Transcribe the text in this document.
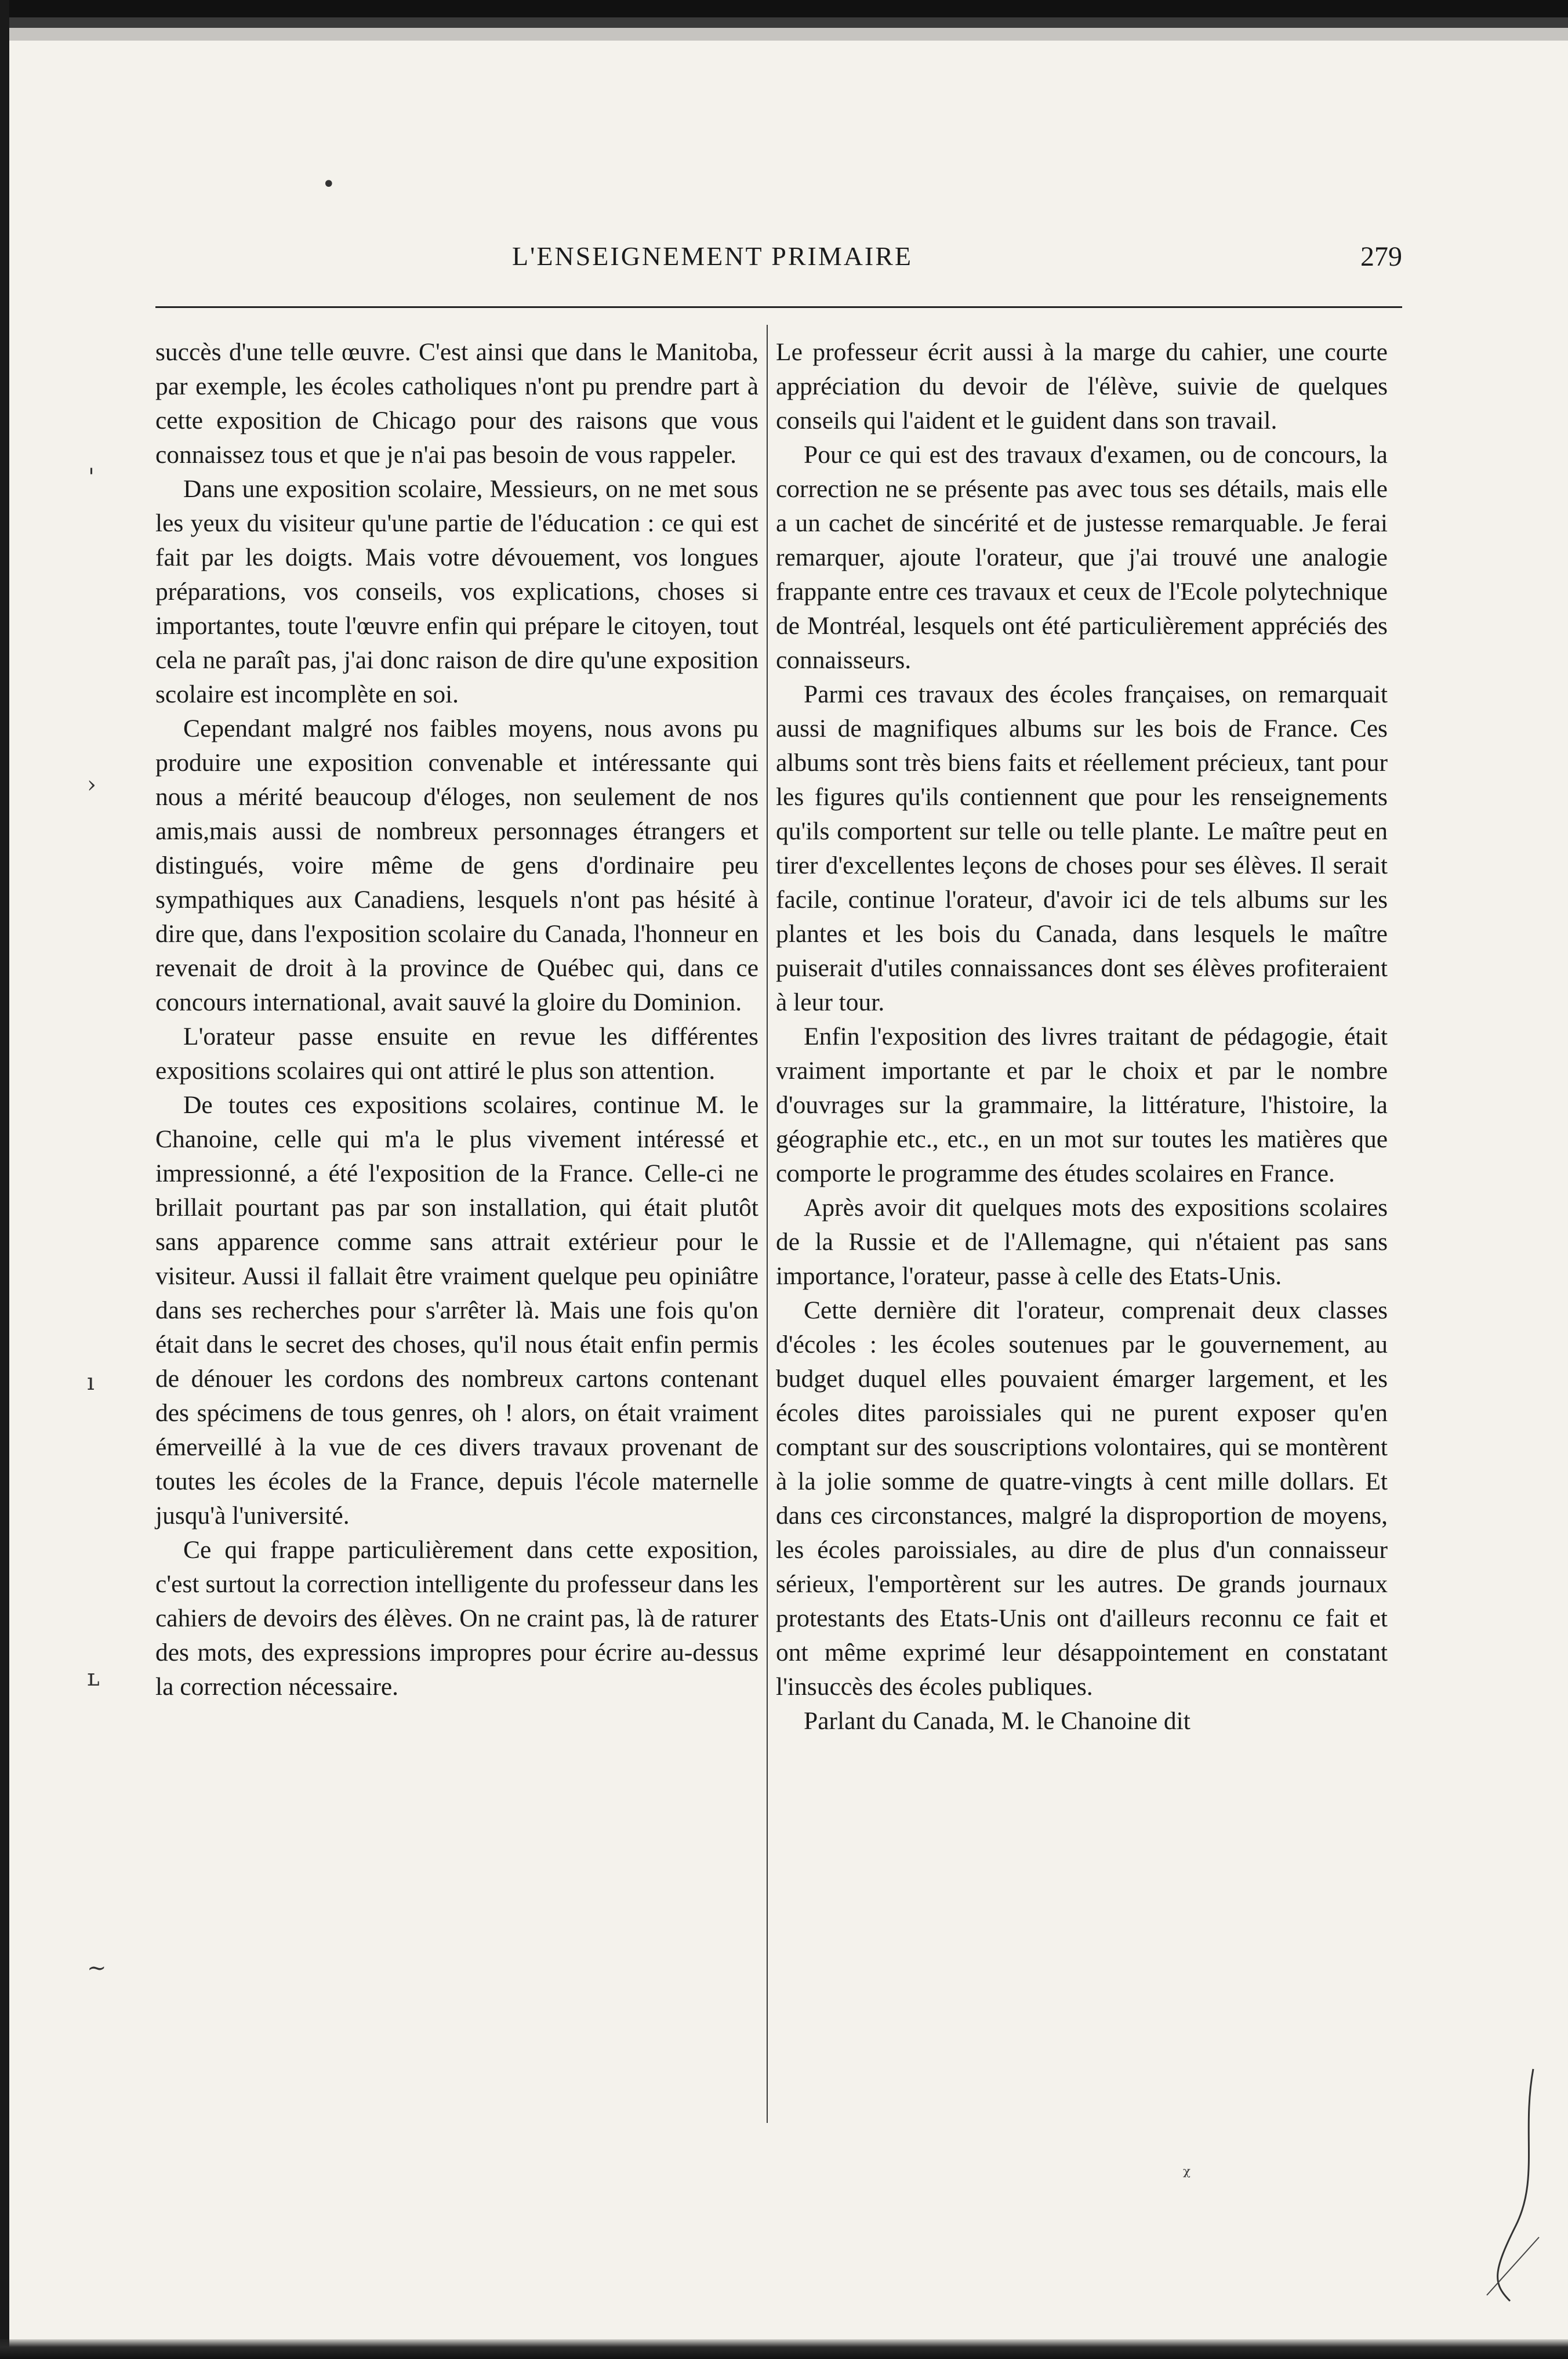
•
'
›
ı
ʟ
~
L'ENSEIGNEMENT PRIMAIRE	279

succès d'une telle œuvre. C'est ainsi que dans le Manitoba, par exemple, les écoles catholiques n'ont pu prendre part à cette exposition de Chicago pour des raisons que vous connaissez tous et que je n'ai pas besoin de vous rappeler.

Dans une exposition scolaire, Messieurs, on ne met sous les yeux du visiteur qu'une partie de l'éducation : ce qui est fait par les doigts. Mais votre dévouement, vos longues préparations, vos conseils, vos explications, choses si importantes, toute l'œuvre enfin qui prépare le citoyen, tout cela ne paraît pas, j'ai donc raison de dire qu'une exposition scolaire est incomplète en soi.

Cependant malgré nos faibles moyens, nous avons pu produire une exposition convenable et intéressante qui nous a mérité beaucoup d'éloges, non seulement de nos amis,mais aussi de nombreux personnages étrangers et distingués, voire même de gens d'ordinaire peu sympathiques aux Canadiens, lesquels n'ont pas hésité à dire que, dans l'exposition scolaire du Canada, l'honneur en revenait de droit à la province de Québec qui, dans ce concours international, avait sauvé la gloire du Dominion.

L'orateur passe ensuite en revue les différentes expositions scolaires qui ont attiré le plus son attention.

De toutes ces expositions scolaires, continue M. le Chanoine, celle qui m'a le plus vivement intéressé et impressionné, a été l'exposition de la France. Celle-ci ne brillait pourtant pas par son installation, qui était plutôt sans apparence comme sans attrait extérieur pour le visiteur. Aussi il fallait être vraiment quelque peu opiniâtre dans ses recherches pour s'arrêter là. Mais une fois qu'on était dans le secret des choses, qu'il nous était enfin permis de dénouer les cordons des nombreux cartons contenant des spécimens de tous genres, oh ! alors, on était vraiment émerveillé à la vue de ces divers travaux provenant de toutes les écoles de la France, depuis l'école maternelle jusqu'à l'université.

Ce qui frappe particulièrement dans cette exposition, c'est surtout la correction intelligente du professeur dans les cahiers de devoirs des élèves. On ne craint pas, là de raturer des mots, des expressions impropres pour écrire au-dessus la correction nécessaire.

Le professeur écrit aussi à la marge du cahier, une courte appréciation du devoir de l'élève, suivie de quelques conseils qui l'aident et le guident dans son travail.

Pour ce qui est des travaux d'examen, ou de concours, la correction ne se présente pas avec tous ses détails, mais elle a un cachet de sincérité et de justesse remarquable. Je ferai remarquer, ajoute l'orateur, que j'ai trouvé une analogie frappante entre ces travaux et ceux de l'Ecole polytechnique de Montréal, lesquels ont été particulièrement appréciés des connaisseurs.

Parmi ces travaux des écoles françaises, on remarquait aussi de magnifiques albums sur les bois de France. Ces albums sont très biens faits et réellement précieux, tant pour les figures qu'ils contiennent que pour les renseignements qu'ils comportent sur telle ou telle plante. Le maître peut en tirer d'excellentes leçons de choses pour ses élèves. Il serait facile, continue l'orateur, d'avoir ici de tels albums sur les plantes et les bois du Canada, dans lesquels le maître puiserait d'utiles connaissances dont ses élèves profiteraient à leur tour.

Enfin l'exposition des livres traitant de pédagogie, était vraiment importante et par le choix et par le nombre d'ouvrages sur la grammaire, la littérature, l'histoire, la géographie etc., etc., en un mot sur toutes les matières que comporte le programme des études scolaires en France.

Après avoir dit quelques mots des expositions scolaires de la Russie et de l'Allemagne, qui n'étaient pas sans importance, l'orateur, passe à celle des Etats-Unis.

Cette dernière dit l'orateur, comprenait deux classes d'écoles : les écoles soutenues par le gouvernement, au budget duquel elles pouvaient émarger largement, et les écoles dites paroissiales qui ne purent exposer qu'en comptant sur des souscriptions volontaires, qui se montèrent à la jolie somme de quatre-vingts à cent mille dollars. Et dans ces circonstances, malgré la disproportion de moyens, les écoles paroissiales, au dire de plus d'un connaisseur sérieux, l'emportèrent sur les autres. De grands journaux protestants des Etats-Unis ont d'ailleurs reconnu ce fait et ont même exprimé leur désappointement en constatant l'insuccès des écoles publiques.

Parlant du Canada, M. le Chanoine dit

ᵡ
